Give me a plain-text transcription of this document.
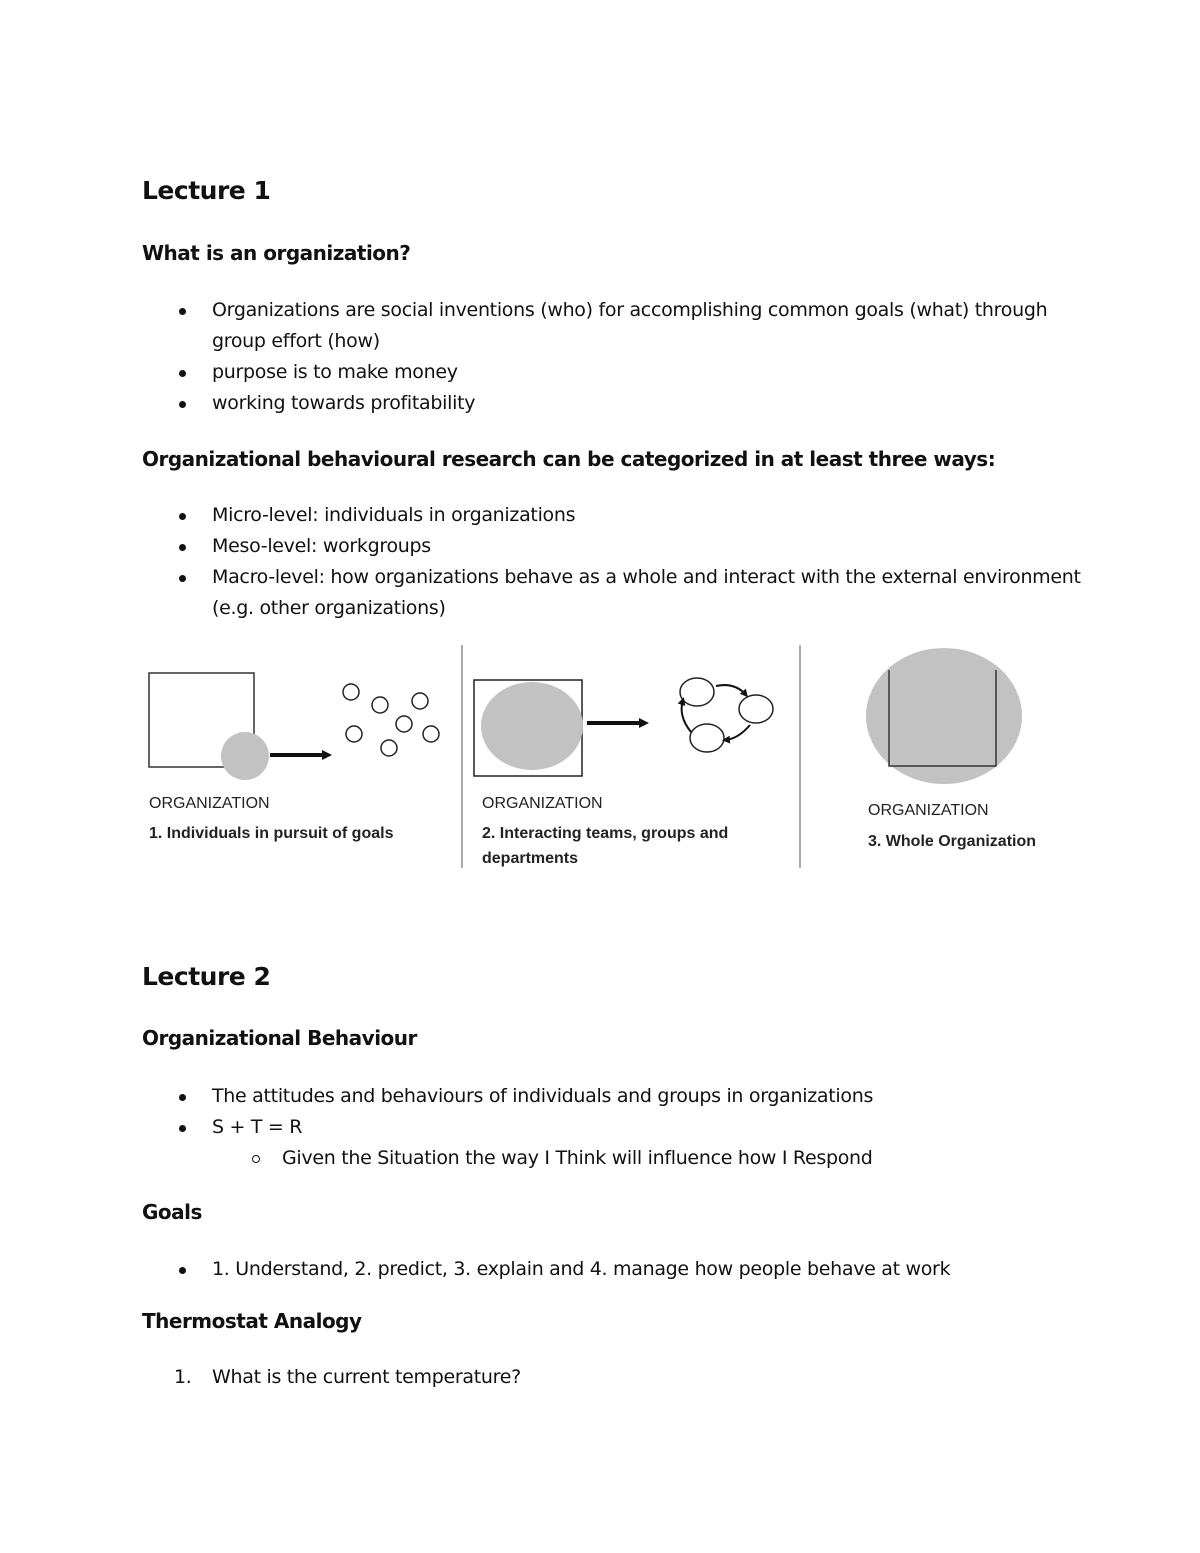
Lecture 1
What is an organization?
Organizations are social inventions (who) for accomplishing common goals (what) through group effort (how)
purpose is to make money
working towards profitability
Organizational behavioural research can be categorized in at least three ways:
Micro-level: individuals in organizations
Meso-level: workgroups
Macro-level: how organizations behave as a whole and interact with the external environment (e.g. other organizations)
ORGANIZATION
1. Individuals in pursuit of goals
ORGANIZATION
2. Interacting teams, groups and
departments
ORGANIZATION
3. Whole Organization
Lecture 2
Organizational Behaviour
The attitudes and behaviours of individuals and groups in organizations
S + T = R
Given the Situation the way I Think will influence how I Respond
Goals
1. Understand, 2. predict, 3. explain and 4. manage how people behave at work
Thermostat Analogy
1. What is the current temperature?
